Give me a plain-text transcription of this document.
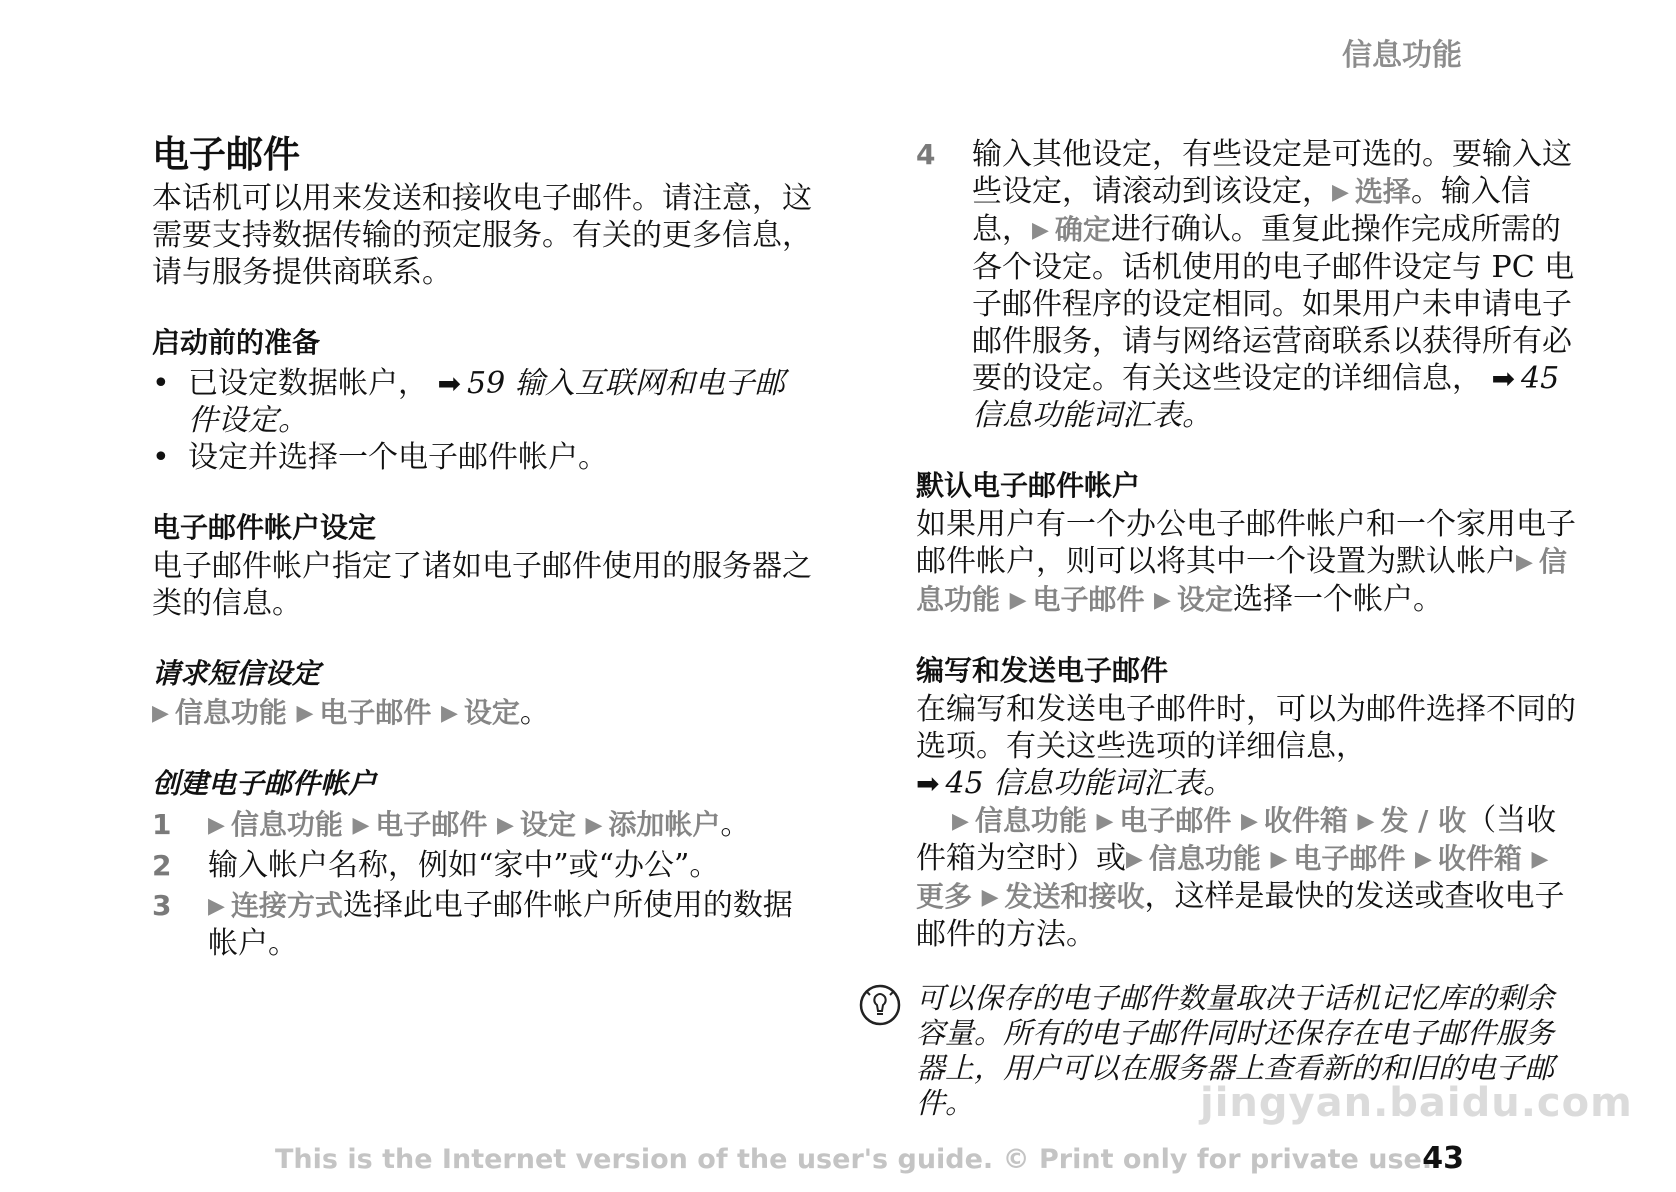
信息功能
电子邮件

本话机可以用来发送和接收电子邮件。请注意，这需要支持数据传输的预定服务。有关的更多信息，请与服务提供商联系。

启动前的准备
• 已设定数据帐户， ➡ 59 输入互联网和电子邮件设定。
• 设定并选择一个电子邮件帐户。
电子邮件帐户设定

电子邮件帐户指定了诸如电子邮件使用的服务器之类的信息。

请求短信设定

▶ 信息功能 ▶ 电子邮件 ▶ 设定。

创建电子邮件帐户
1 ▶ 信息功能 ▶ 电子邮件 ▶ 设定 ▶ 添加帐户。
2 输入帐户名称，例如“家中”或“办公”。
3 ▶ 连接方式选择此电子邮件帐户所使用的数据帐户。
4 输入其他设定，有些设定是可选的。要输入这些设定，请滚动到该设定，▶ 选择。输入信息，▶ 确定进行确认。重复此操作完成所需的各个设定。话机使用的电子邮件设定与 PC 电子邮件程序的设定相同。如果用户未申请电子邮件服务，请与网络运营商联系以获得所有必要的设定。有关这些设定的详细信息， ➡ 45 信息功能词汇表。
默认电子邮件帐户

如果用户有一个办公电子邮件帐户和一个家用电子邮件帐户，则可以将其中一个设置为默认帐户▶ 信息功能 ▶ 电子邮件 ▶ 设定选择一个帐户。

编写和发送电子邮件

在编写和发送电子邮件时，可以为邮件选择不同的选项。有关这些选项的详细信息，
➡ 45 信息功能词汇表。
▶ 信息功能 ▶ 电子邮件 ▶ 收件箱 ▶ 发 / 收（当收件箱为空时）或▶ 信息功能 ▶ 电子邮件 ▶ 收件箱 ▶更多 ▶ 发送和接收，这样是最快的发送或查收电子邮件的方法。

可以保存的电子邮件数量取决于话机记忆库的剩余容量。所有的电子邮件同时还保存在电子邮件服务器上，用户可以在服务器上查看新的和旧的电子邮件。	jingyan.baidu.com
This is the Internet version of the user's guide. © Print only for private use.
43
